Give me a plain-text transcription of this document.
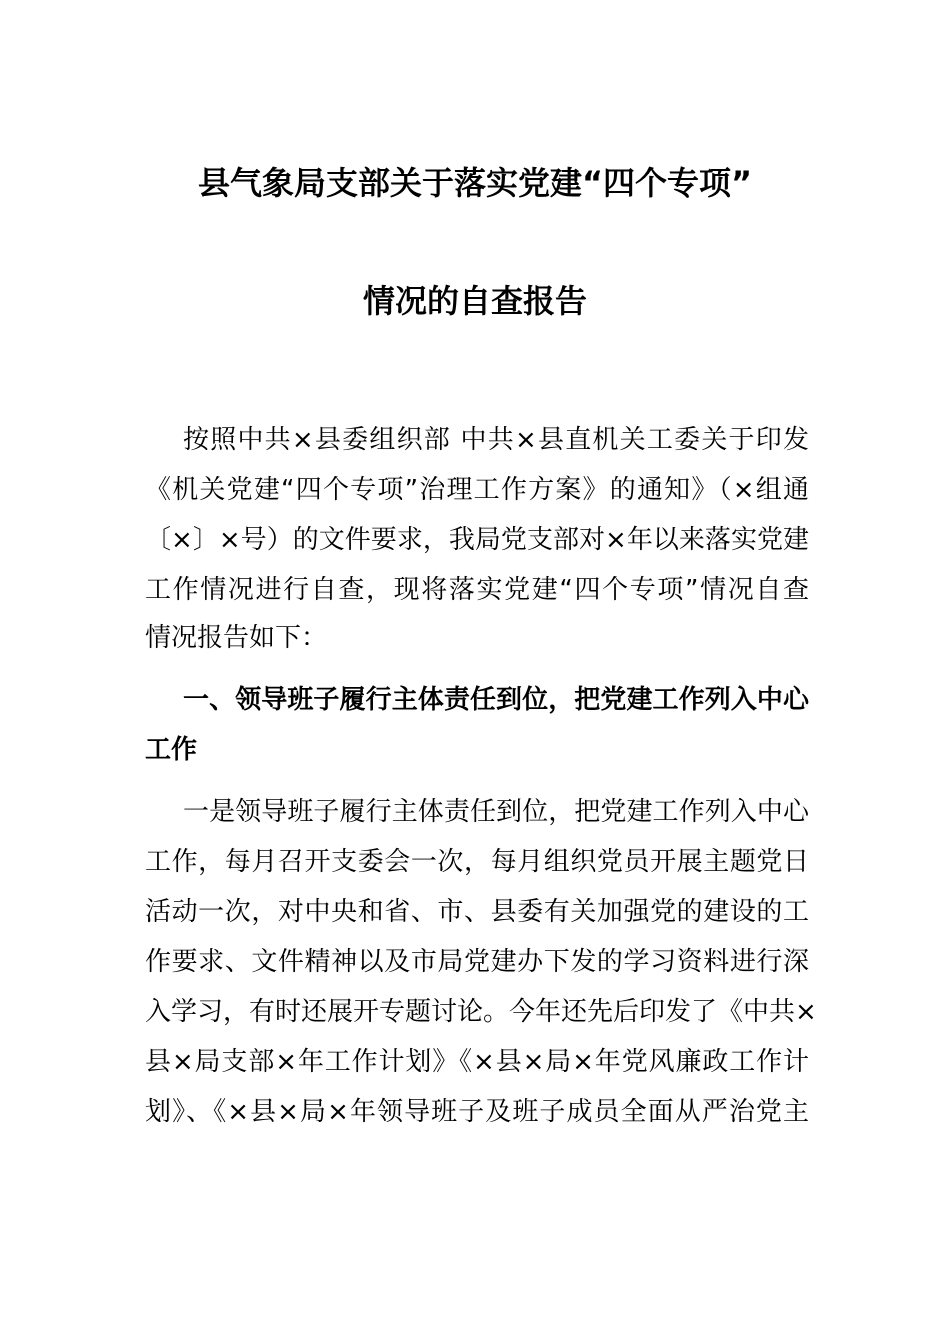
县气象局支部关于落实党建“四个专项”
情况的自查报告
按照中共×县委组织部 中共×县直机关工委关于印发
《机关党建“四个专项”治理工作方案》的通知》（×组通
〔×〕×号）的文件要求，我局党支部对×年以来落实党建
工作情况进行自查，现将落实党建“四个专项”情况自查
情况报告如下：
一、领导班子履行主体责任到位，把党建工作列入中心
工作
一是领导班子履行主体责任到位，把党建工作列入中心
工作，每月召开支委会一次，每月组织党员开展主题党日
活动一次，对中央和省、市、县委有关加强党的建设的工
作要求、文件精神以及市局党建办下发的学习资料进行深
入学习，有时还展开专题讨论。今年还先后印发了《中共×
县×局支部×年工作计划》《×县×局×年党风廉政工作计
划》、《×县×局×年领导班子及班子成员全面从严治党主
